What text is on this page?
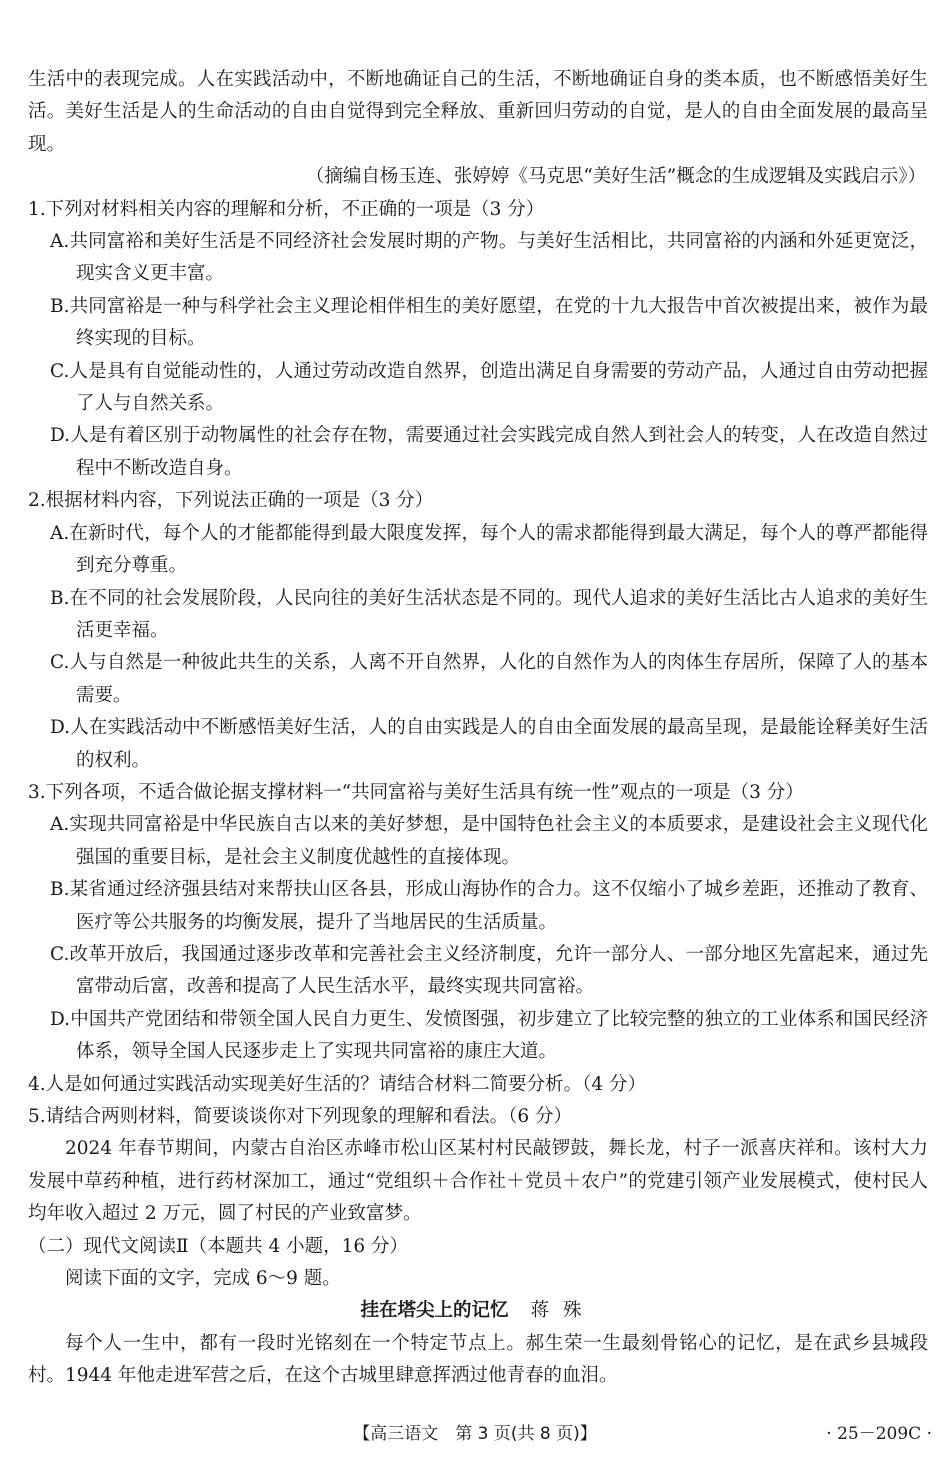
生活中的表现完成。人在实践活动中，不断地确证自己的生活，不断地确证自身的类本质，也不断感悟美好生活。美好生活是人的生命活动的自由自觉得到完全释放、重新回归劳动的自觉，是人的自由全面发展的最高呈现。

（摘编自杨玉连、张婷婷《马克思“美好生活”概念的生成逻辑及实践启示》）

1.下列对材料相关内容的理解和分析，不正确的一项是（3 分）

A.共同富裕和美好生活是不同经济社会发展时期的产物。与美好生活相比，共同富裕的内涵和外延更宽泛，现实含义更丰富。
B.共同富裕是一种与科学社会主义理论相伴相生的美好愿望，在党的十九大报告中首次被提出来，被作为最终实现的目标。
C.人是具有自觉能动性的，人通过劳动改造自然界，创造出满足自身需要的劳动产品，人通过自由劳动把握了人与自然关系。
D.人是有着区别于动物属性的社会存在物，需要通过社会实践完成自然人到社会人的转变，人在改造自然过程中不断改造自身。

2.根据材料内容，下列说法正确的一项是（3 分）

A.在新时代，每个人的才能都能得到最大限度发挥，每个人的需求都能得到最大满足，每个人的尊严都能得到充分尊重。
B.在不同的社会发展阶段，人民向往的美好生活状态是不同的。现代人追求的美好生活比古人追求的美好生活更幸福。
C.人与自然是一种彼此共生的关系，人离不开自然界，人化的自然作为人的肉体生存居所，保障了人的基本需要。
D.人在实践活动中不断感悟美好生活，人的自由实践是人的自由全面发展的最高呈现，是最能诠释美好生活的权利。

3.下列各项，不适合做论据支撑材料一“共同富裕与美好生活具有统一性”观点的一项是（3 分）

A.实现共同富裕是中华民族自古以来的美好梦想，是中国特色社会主义的本质要求，是建设社会主义现代化强国的重要目标，是社会主义制度优越性的直接体现。
B.某省通过经济强县结对来帮扶山区各县，形成山海协作的合力。这不仅缩小了城乡差距，还推动了教育、医疗等公共服务的均衡发展，提升了当地居民的生活质量。
C.改革开放后，我国通过逐步改革和完善社会主义经济制度，允许一部分人、一部分地区先富起来，通过先富带动后富，改善和提高了人民生活水平，最终实现共同富裕。
D.中国共产党团结和带领全国人民自力更生、发愤图强，初步建立了比较完整的独立的工业体系和国民经济体系，领导全国人民逐步走上了实现共同富裕的康庄大道。

4.人是如何通过实践活动实现美好生活的？请结合材料二简要分析。（4 分）

5.请结合两则材料，简要谈谈你对下列现象的理解和看法。（6 分）

2024 年春节期间，内蒙古自治区赤峰市松山区某村村民敲锣鼓，舞长龙，村子一派喜庆祥和。该村大力发展中草药种植，进行药材深加工，通过“党组织＋合作社＋党员＋农户”的党建引领产业发展模式，使村民人均年收入超过 2 万元，圆了村民的产业致富梦。

（二）现代文阅读Ⅱ（本题共 4 小题，16 分）

阅读下面的文字，完成 6～9 题。

挂在塔尖上的记忆 蒋殊

每个人一生中，都有一段时光铭刻在一个特定节点上。郝生荣一生最刻骨铭心的记忆，是在武乡县城段村。1944 年他走进军营之后，在这个古城里肆意挥洒过他青春的血泪。

【高三语文　第 3 页(共 8 页)】	· 25－209C ·
